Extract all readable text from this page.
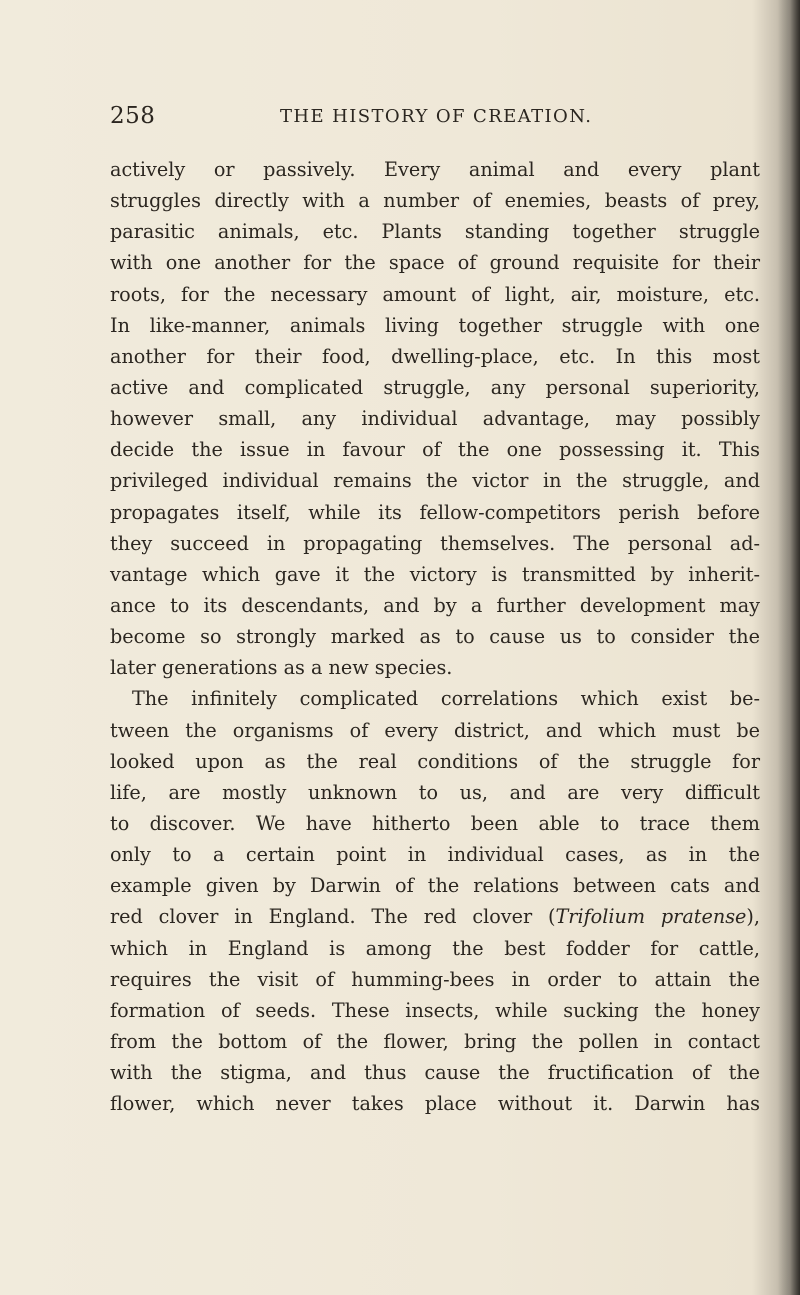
258	THE HISTORY OF CREATION.
actively or passively. Every animal and every plant
struggles directly with a number of enemies, beasts of prey,
parasitic animals, etc. Plants standing together struggle
with one another for the space of ground requisite for their
roots, for the necessary amount of light, air, moisture, etc.
In like-manner, animals living together struggle with one
another for their food, dwelling-place, etc. In this most
active and complicated struggle, any personal superiority,
however small, any individual advantage, may possibly
decide the issue in favour of the one possessing it. This
privileged individual remains the victor in the struggle, and
propagates itself, while its fellow-competitors perish before
they succeed in propagating themselves. The personal ad-
vantage which gave it the victory is transmitted by inherit-
ance to its descendants, and by a further development may
become so strongly marked as to cause us to consider the
later generations as a new species.
The infinitely complicated correlations which exist be-
tween the organisms of every district, and which must be
looked upon as the real conditions of the struggle for
life, are mostly unknown to us, and are very difficult
to discover. We have hitherto been able to trace them
only to a certain point in individual cases, as in the
example given by Darwin of the relations between cats and
red clover in England. The red clover (Trifolium pratense),
which in England is among the best fodder for cattle,
requires the visit of humming-bees in order to attain the
formation of seeds. These insects, while sucking the honey
from the bottom of the flower, bring the pollen in contact
with the stigma, and thus cause the fructification of the
flower, which never takes place without it. Darwin has
